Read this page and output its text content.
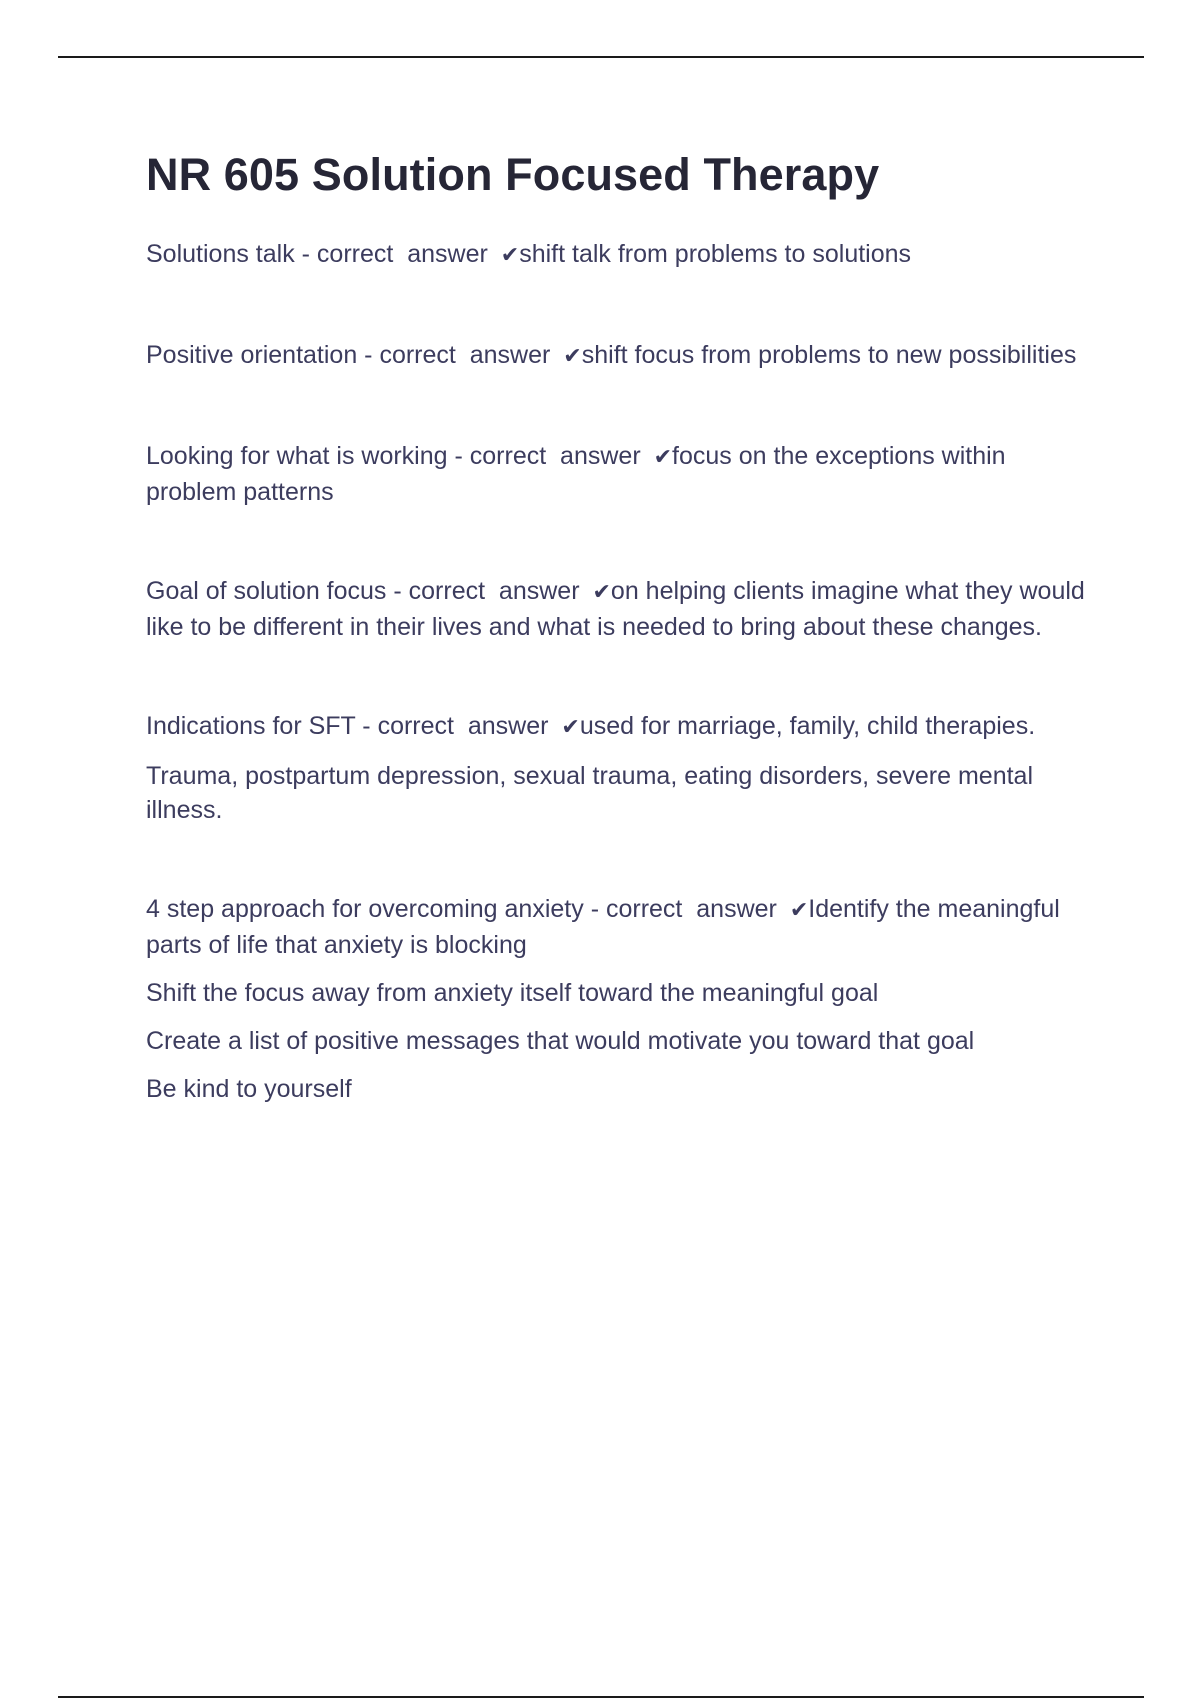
NR 605 Solution Focused Therapy

Solutions talk - correct  answer ✔shift talk from problems to solutions

Positive orientation - correct  answer ✔shift focus from problems to new possibilities

Looking for what is working - correct  answer ✔focus on the exceptions within problem patterns

Goal of solution focus - correct  answer ✔on helping clients imagine what they would like to be different in their lives and what is needed to bring about these changes.

Indications for SFT - correct  answer ✔used for marriage, family, child therapies.

Trauma, postpartum depression, sexual trauma, eating disorders, severe mental illness.

4 step approach for overcoming anxiety - correct  answer ✔Identify the meaningful parts of life that anxiety is blocking

Shift the focus away from anxiety itself toward the meaningful goal

Create a list of positive messages that would motivate you toward that goal

Be kind to yourself
